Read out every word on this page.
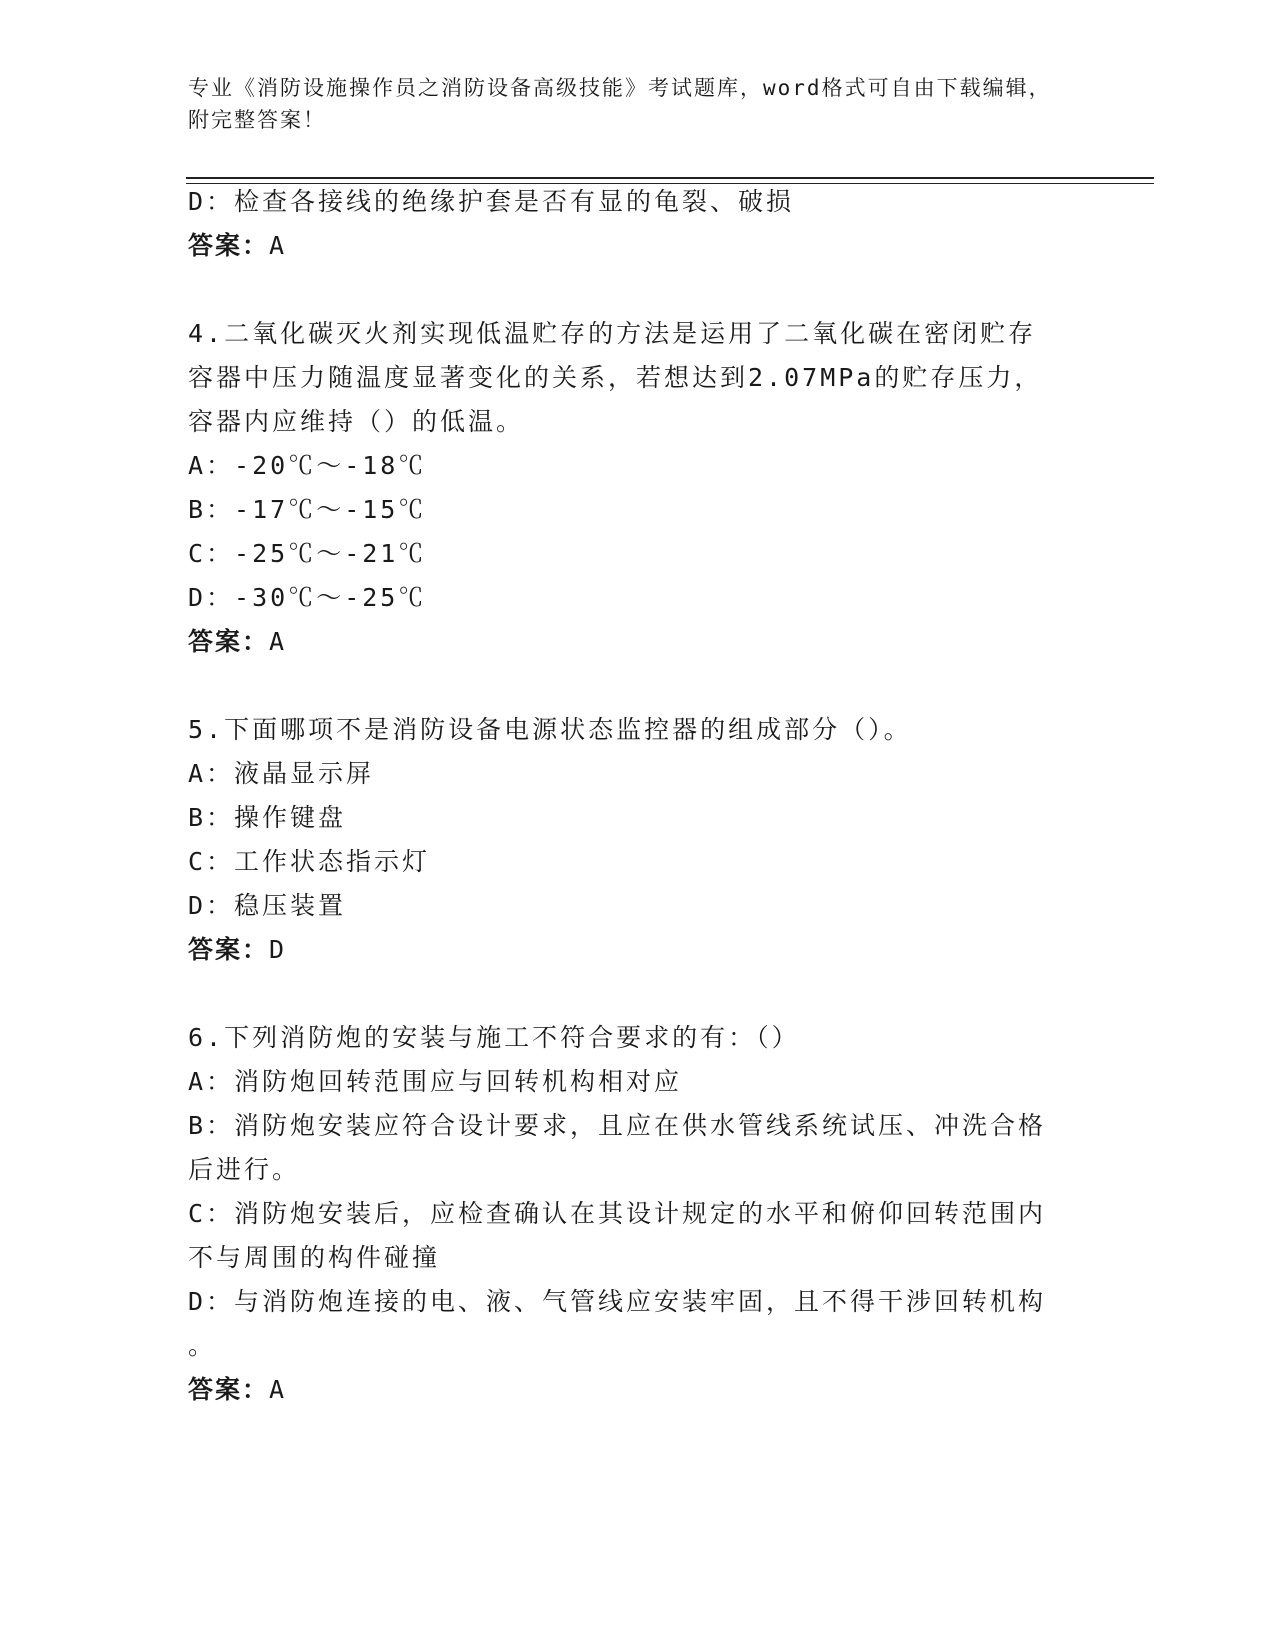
专业《消防设施操作员之消防设备高级技能》考试题库，word格式可自由下载编辑，附完整答案！

D：检查各接线的绝缘护套是否有显的龟裂、破损
答案：A
4.二氧化碳灭火剂实现低温贮存的方法是运用了二氧化碳在密闭贮存
容器中压力随温度显著变化的关系，若想达到2.07MPa的贮存压力，
容器内应维持（）的低温。
A：-20℃～-18℃
B：-17℃～-15℃
C：-25℃～-21℃
D：-30℃～-25℃
答案：A
5.下面哪项不是消防设备电源状态监控器的组成部分（）。
A：液晶显示屏
B：操作键盘
C：工作状态指示灯
D：稳压装置
答案：D
6.下列消防炮的安装与施工不符合要求的有：（）
A：消防炮回转范围应与回转机构相对应
B：消防炮安装应符合设计要求，且应在供水管线系统试压、冲洗合格
后进行。
C：消防炮安装后，应检查确认在其设计规定的水平和俯仰回转范围内
不与周围的构件碰撞
D：与消防炮连接的电、液、气管线应安装牢固，且不得干涉回转机构
。
答案：A
